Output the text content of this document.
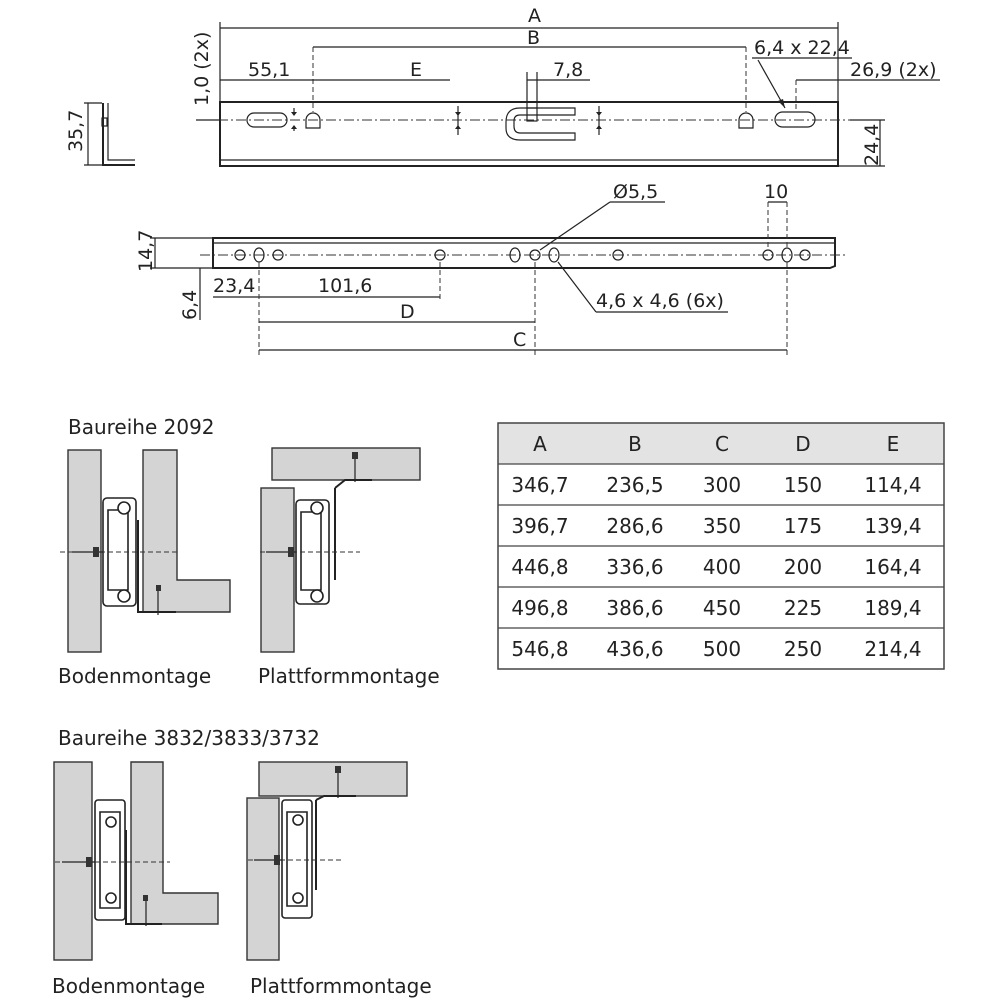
35,7
A
B
55,1	E	7,8
1,0 (2x)	6,4 x 22,4
26,9 (2x)
24,4
Ø5,5	10
14,7
6,4
23,4	101,6
D
C
4,6 x 4,6 (6x)
A	B	C	D	E
346,7 236,5 300 150 114,4
396,7 286,6 350 175 139,4
446,8 336,6 400 200 164,4
496,8 386,6 450 225 189,4
546,8 436,6 500 250 214,4
Baureihe 2092
Bodenmontage Plattformmontage
Baureihe 3832/3833/3732
Bodenmontage Plattformmontage
